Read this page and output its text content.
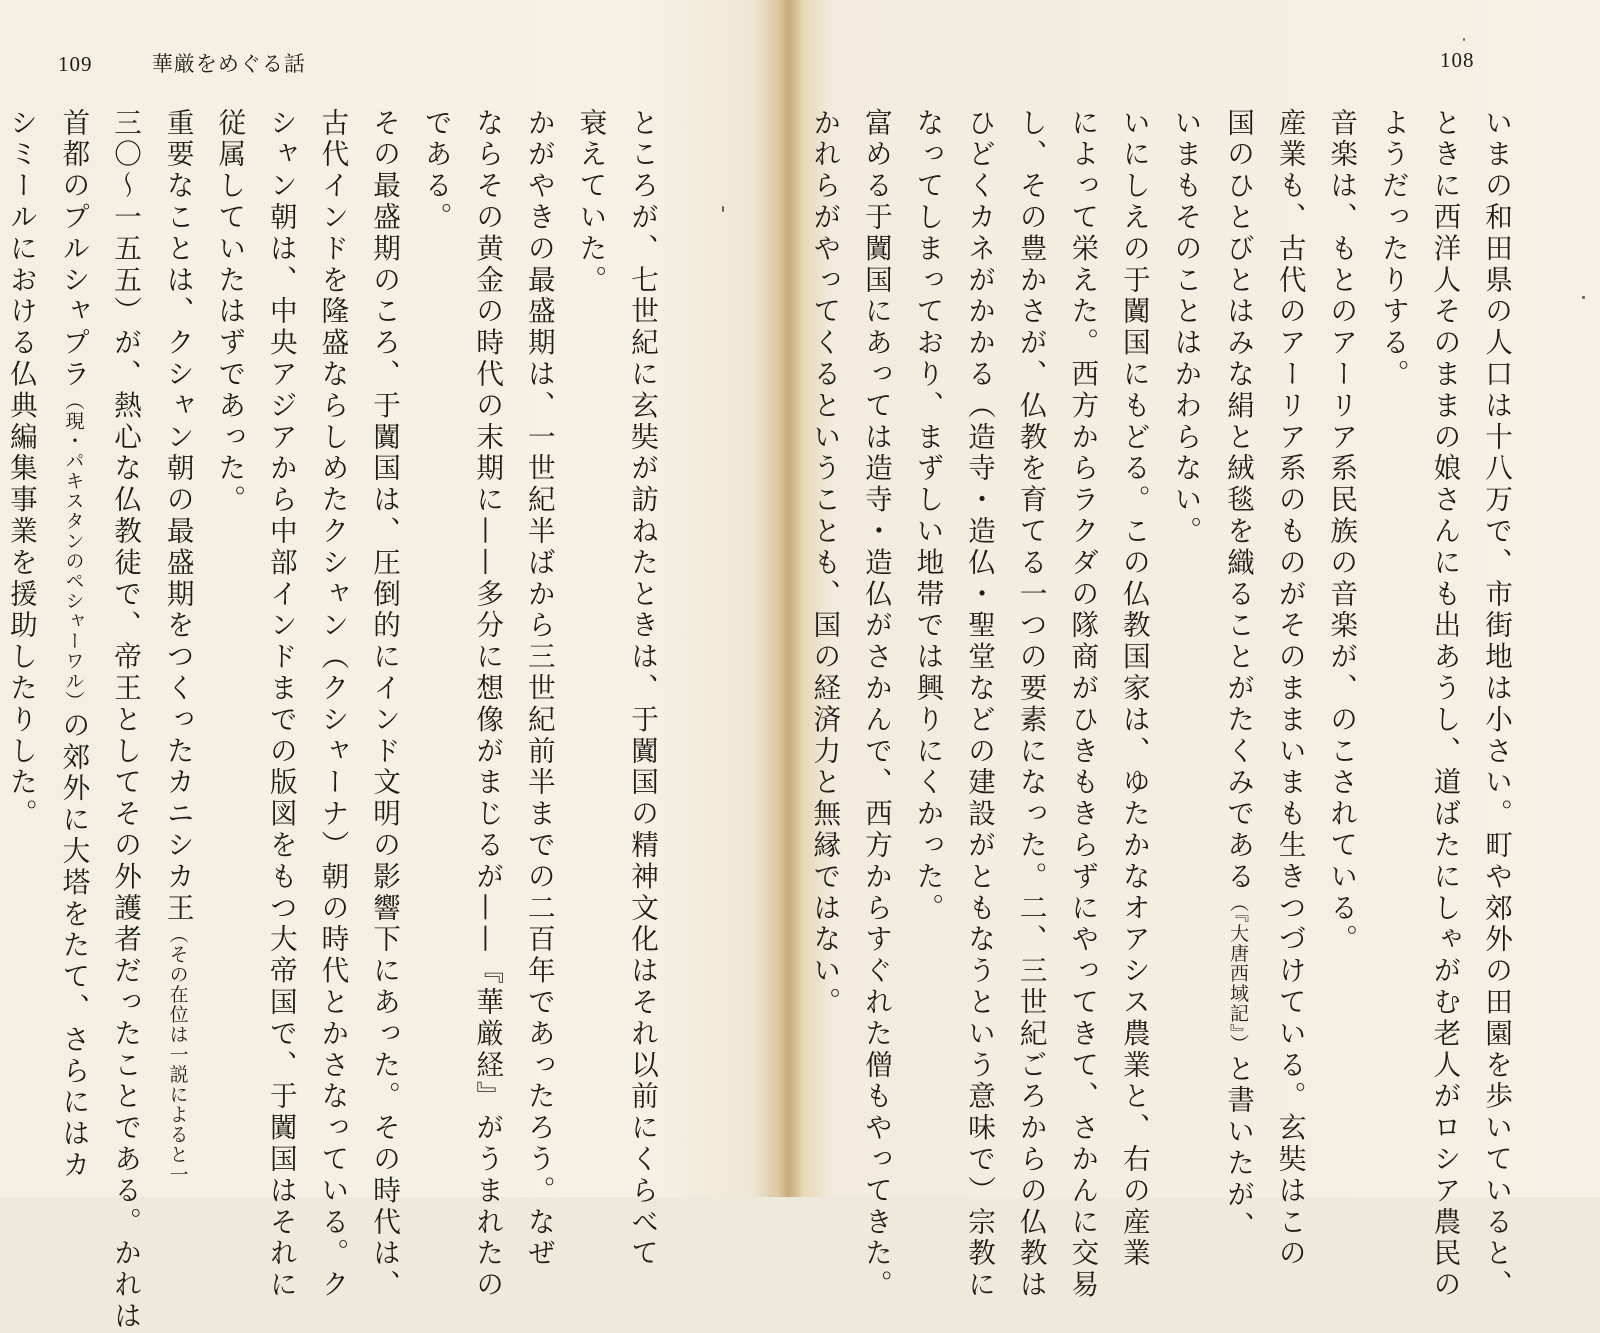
109	華厳をめぐる話

ところが、七世紀に玄奘が訪ねたときは、于闐国の精神文化はそれ以前にくらべて
衰えていた。

かがやきの最盛期は、一世紀半ばから三世紀前半までの二百年であったろう。なぜ
ならその黄金の時代の末期に——多分に想像がまじるが——『華厳経』がうまれたの
である。

その最盛期のころ、于闐国は、圧倒的にインド文明の影響下にあった。その時代は、
古代インドを隆盛ならしめたクシャン（クシャーナ）朝の時代とかさなっている。ク
シャン朝は、中央アジアから中部インドまでの版図をもつ大帝国で、于闐国はそれに
従属していたはずであった。

重要なことは、クシャン朝の最盛期をつくったカニシカ王（その在位は一説によると一
三〇～一五五）が、熱心な仏教徒で、帝王としてその外護者だったことである。かれは
首都のプルシャプラ（現・パキスタンのペシャーワル）の郊外に大塔をたて、さらにはカ
シミールにおける仏典編集事業を援助したりした。

108

いまの和田県の人口は十八万で、市街地は小さい。町や郊外の田園を歩いていると、
ときに西洋人そのままの娘さんにも出あうし、道ばたにしゃがむ老人がロシア農民の
ようだったりする。

音楽は、もとのアーリア系民族の音楽が、のこされている。

産業も、古代のアーリア系のものがそのままいまも生きつづけている。玄奘はこの
国のひとびとはみな絹と絨毯を織ることがたくみである（『大唐西域記』）と書いたが、
いまもそのことはかわらない。

いにしえの于闐国にもどる。この仏教国家は、ゆたかなオアシス農業と、右の産業
によって栄えた。西方からラクダの隊商がひきもきらずにやってきて、さかんに交易
し、その豊かさが、仏教を育てる一つの要素になった。二、三世紀ごろからの仏教は
ひどくカネがかかる（造寺・造仏・聖堂などの建設がともなうという意味で）宗教に
なってしまっており、まずしい地帯では興りにくかった。

富める于闐国にあっては造寺・造仏がさかんで、西方からすぐれた僧もやってきた。
かれらがやってくるということも、国の経済力と無縁ではない。
